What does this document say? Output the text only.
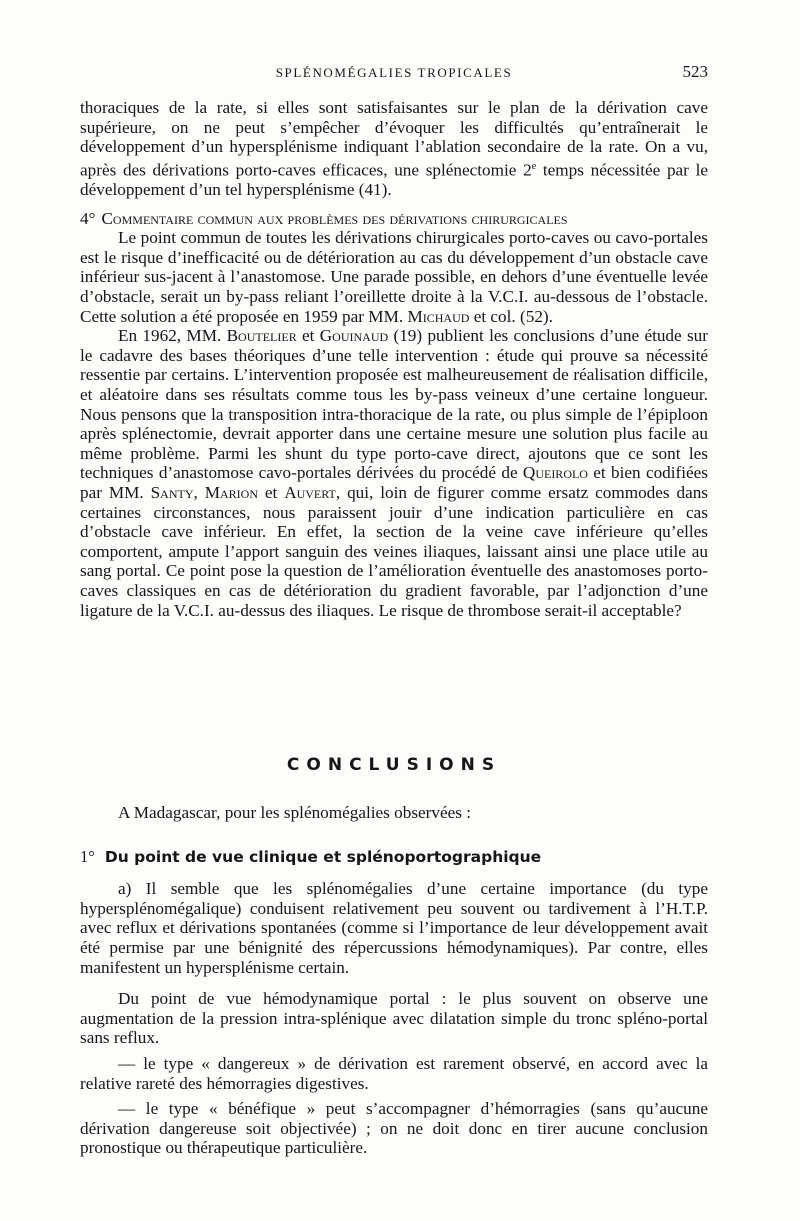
SPLÉNOMÉGALIES TROPICALES	523

thoraciques de la rate, si elles sont satisfaisantes sur le plan de la dérivation cave supérieure, on ne peut s’empêcher d’évoquer les difficultés qu’entraînerait le développement d’un hypersplénisme indiquant l’ablation secondaire de la rate. On a vu, après des dérivations porto-caves efficaces, une splénectomie 2e temps nécessitée par le développement d’un tel hypersplénisme (41).

4° Commentaire commun aux problèmes des dérivations chirurgicales

Le point commun de toutes les dérivations chirurgicales porto-caves ou cavo-portales est le risque d’inefficacité ou de détérioration au cas du développement d’un obstacle cave inférieur sus-jacent à l’anastomose. Une parade possible, en dehors d’une éventuelle levée d’obstacle, serait un by-pass reliant l’oreillette droite à la V.C.I. au-dessous de l’obstacle. Cette solution a été proposée en 1959 par MM. Michaud et col. (52).

En 1962, MM. Boutelier et Gouinaud (19) publient les conclusions d’une étude sur le cadavre des bases théoriques d’une telle intervention : étude qui prouve sa nécessité ressentie par certains. L’intervention proposée est malheureusement de réalisation difficile, et aléatoire dans ses résultats comme tous les by-pass veineux d’une certaine longueur. Nous pensons que la transposition intra-thoracique de la rate, ou plus simple de l’épiploon après splénectomie, devrait apporter dans une certaine mesure une solution plus facile au même problème. Parmi les shunt du type porto-cave direct, ajoutons que ce sont les techniques d’anastomose cavo-portales dérivées du procédé de Queirolo et bien codifiées par MM. Santy, Marion et Auvert, qui, loin de figurer comme ersatz commodes dans certaines circonstances, nous paraissent jouir d’une indication particulière en cas d’obstacle cave inférieur. En effet, la section de la veine cave inférieure qu’elles comportent, ampute l’apport sanguin des veines iliaques, laissant ainsi une place utile au sang portal. Ce point pose la question de l’amélioration éventuelle des anastomoses porto-caves classiques en cas de détérioration du gradient favorable, par l’adjonction d’une ligature de la V.C.I. au-dessus des iliaques. Le risque de thrombose serait-il acceptable?

CONCLUSIONS

A Madagascar, pour les splénomégalies observées :

1° Du point de vue clinique et splénoportographique

a) Il semble que les splénomégalies d’une certaine importance (du type hypersplénomégalique) conduisent relativement peu souvent ou tardivement à l’H.T.P. avec reflux et dérivations spontanées (comme si l’importance de leur développement avait été permise par une bénignité des répercussions hémodynamiques). Par contre, elles manifestent un hypersplénisme certain.

Du point de vue hémodynamique portal : le plus souvent on observe une augmentation de la pression intra-splénique avec dilatation simple du tronc spléno-portal sans reflux.

— le type « dangereux » de dérivation est rarement observé, en accord avec la relative rareté des hémorragies digestives.

— le type « bénéfique » peut s’accompagner d’hémorragies (sans qu’aucune dérivation dangereuse soit objectivée) ; on ne doit donc en tirer aucune conclusion pronostique ou thérapeutique particulière.
